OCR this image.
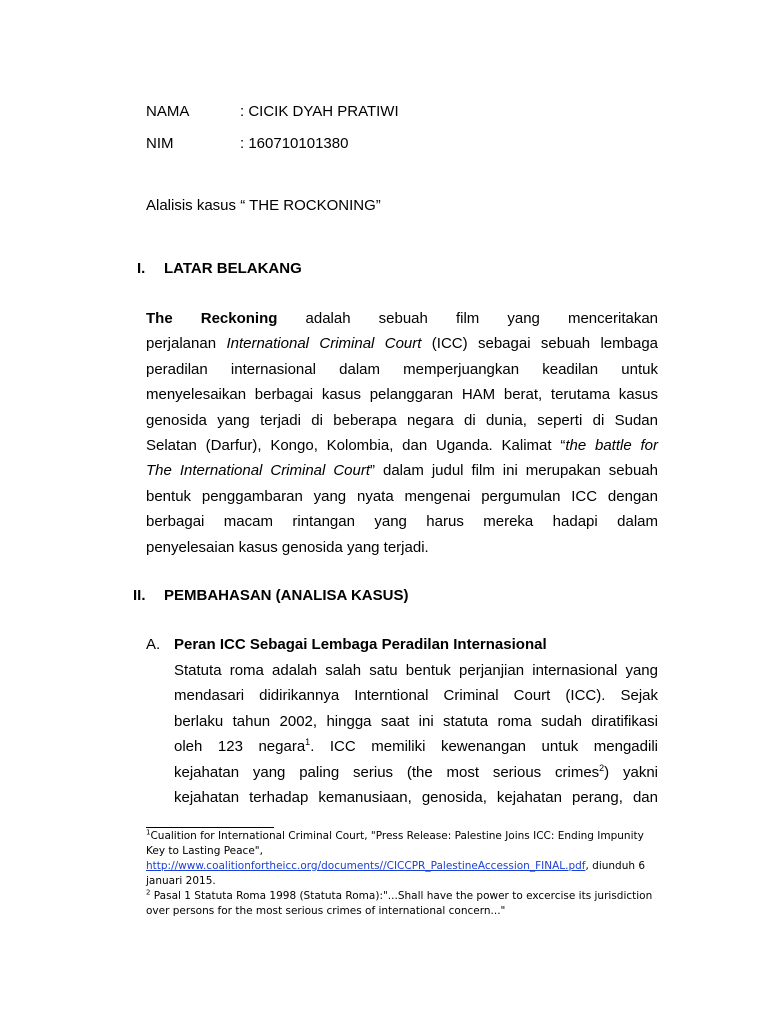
NAMA	: CICIK DYAH PRATIWI
NIM	: 160710101380
Alalisis kasus “ THE ROCKONING”
I. LATAR BELAKANG
The Reckoning adalah sebuah film yang menceritakan
perjalanan International Criminal Court (ICC) sebagai sebuah lembaga
peradilan internasional dalam memperjuangkan keadilan untuk
menyelesaikan berbagai kasus pelanggaran HAM berat, terutama kasus
genosida yang terjadi di beberapa negara di dunia, seperti di Sudan
Selatan (Darfur), Kongo, Kolombia, dan Uganda. Kalimat “the battle for
The International Criminal Court” dalam judul film ini merupakan sebuah
bentuk penggambaran yang nyata mengenai pergumulan ICC dengan
berbagai macam rintangan yang harus mereka hadapi dalam
penyelesaian kasus genosida yang terjadi.
II. PEMBAHASAN (ANALISA KASUS)
A. Peran ICC Sebagai Lembaga Peradilan Internasional
Statuta roma adalah salah satu bentuk perjanjian internasional yang
mendasari didirikannya Interntional Criminal Court (ICC). Sejak
berlaku tahun 2002, hingga saat ini statuta roma sudah diratifikasi
oleh 123 negara$^1$. ICC memiliki kewenangan untuk mengadili
kejahatan yang paling serius (the most serious crimes$^2$) yakni
kejahatan terhadap kemanusiaan, genosida, kejahatan perang, dan
$^1$Cualition for International Criminal Court, "Press Release: Palestine Joins ICC: Ending Impunity
Key to Lasting Peace",
http://www.coalitionfortheicc.org/documents//CICCPR_PalestineAccession_FINAL.pdf, diunduh 6
januari 2015.
$^2$ Pasal 1 Statuta Roma 1998 (Statuta Roma):"...Shall have the power to excercise its jurisdiction
over persons for the most serious crimes of international concern..."
